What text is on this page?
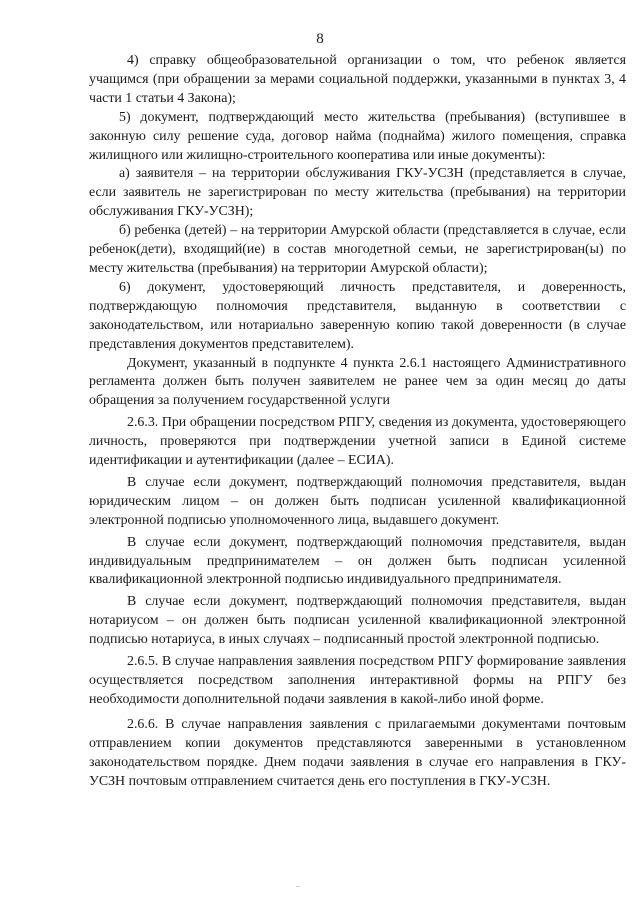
8

4) справку общеобразовательной организации о том, что ребенок является учащимся (при обращении за мерами социальной поддержки, указанными в пунктах 3, 4 части 1 статьи 4 Закона);

5) документ, подтверждающий место жительства (пребывания) (вступившее в законную силу решение суда, договор найма (поднайма) жилого помещения, справка жилищного или жилищно-строительного кооператива или иные документы):

а) заявителя – на территории обслуживания ГКУ-УСЗН (представляется в случае, если заявитель не зарегистрирован по месту жительства (пребывания) на территории обслуживания ГКУ-УСЗН);

б) ребенка (детей) – на территории Амурской области (представляется в случае, если ребенок(дети), входящий(ие) в состав многодетной семьи, не зарегистрирован(ы) по месту жительства (пребывания) на территории Амурской области);

6) документ, удостоверяющий личность представителя, и доверенность, подтверждающую полномочия представителя, выданную в соответствии с законодательством, или нотариально заверенную копию такой доверенности (в случае представления документов представителем).

Документ, указанный в подпункте 4 пункта 2.6.1 настоящего Административного регламента должен быть получен заявителем не ранее чем за один месяц до даты обращения за получением государственной услуги

2.6.3. При обращении посредством РПГУ, сведения из документа, удостоверяющего личность, проверяются при подтверждении учетной записи в Единой системе идентификации и аутентификации (далее – ЕСИА).

В случае если документ, подтверждающий полномочия представителя, выдан юридическим лицом – он должен быть подписан усиленной квалификационной электронной подписью уполномоченного лица, выдавшего документ.

В случае если документ, подтверждающий полномочия представителя, выдан индивидуальным предпринимателем – он должен быть подписан усиленной квалификационной электронной подписью индивидуального предпринимателя.

В случае если документ, подтверждающий полномочия представителя, выдан нотариусом – он должен быть подписан усиленной квалификационной электронной подписью нотариуса, в иных случаях – подписанный простой электронной подписью.

2.6.5. В случае направления заявления посредством РПГУ формирование заявления осуществляется посредством заполнения интерактивной формы на РПГУ без необходимости дополнительной подачи заявления в какой-либо иной форме.

2.6.6. В случае направления заявления с прилагаемыми документами почтовым отправлением копии документов представляются заверенными в установленном законодательством порядке. Днем подачи заявления в случае его направления в ГКУ-УСЗН почтовым отправлением считается день его поступления в ГКУ-УСЗН.
